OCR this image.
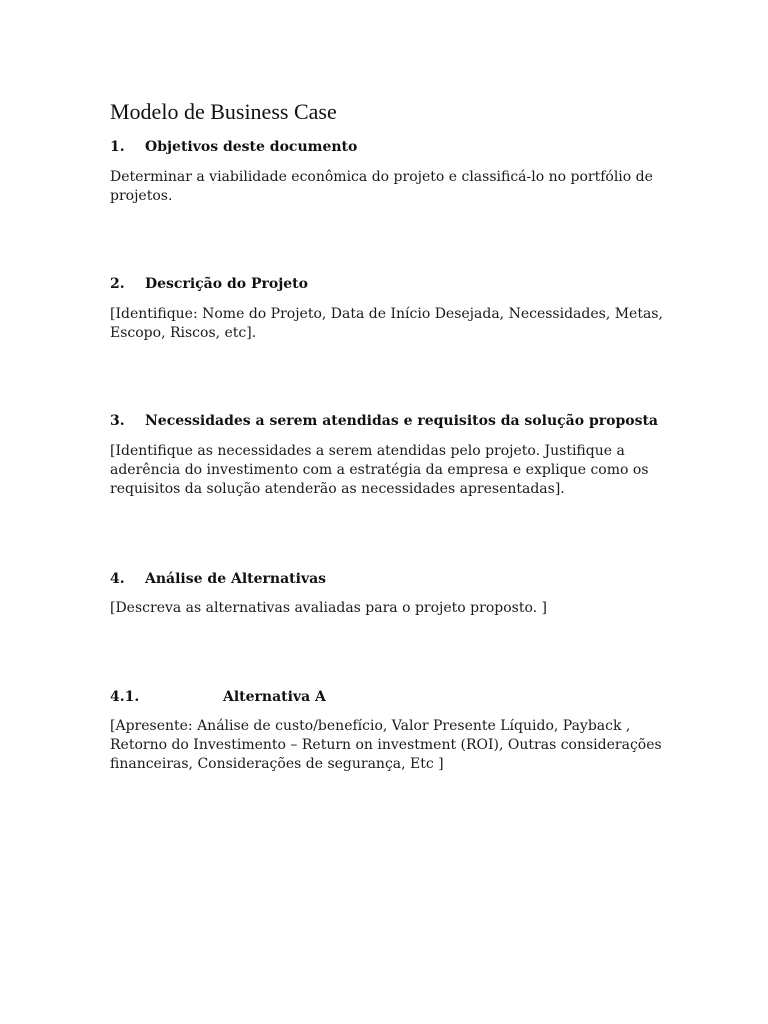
Modelo de Business Case
1. Objetivos deste documento
Determinar a viabilidade econômica do projeto e classificá-lo no portfólio de
projetos.
2. Descrição do Projeto
[Identifique: Nome do Projeto, Data de Início Desejada, Necessidades, Metas,
Escopo, Riscos, etc].
3. Necessidades a serem atendidas e requisitos da solução proposta
[Identifique as necessidades a serem atendidas pelo projeto. Justifique a
aderência do investimento com a estratégia da empresa e explique como os
requisitos da solução atenderão as necessidades apresentadas].
4. Análise de Alternativas
[Descreva as alternativas avaliadas para o projeto proposto. ]
4.1.	Alternativa A
[Apresente: Análise de custo/benefício, Valor Presente Líquido, Payback ,
Retorno do Investimento – Return on investment (ROI), Outras considerações
financeiras, Considerações de segurança, Etc ]
